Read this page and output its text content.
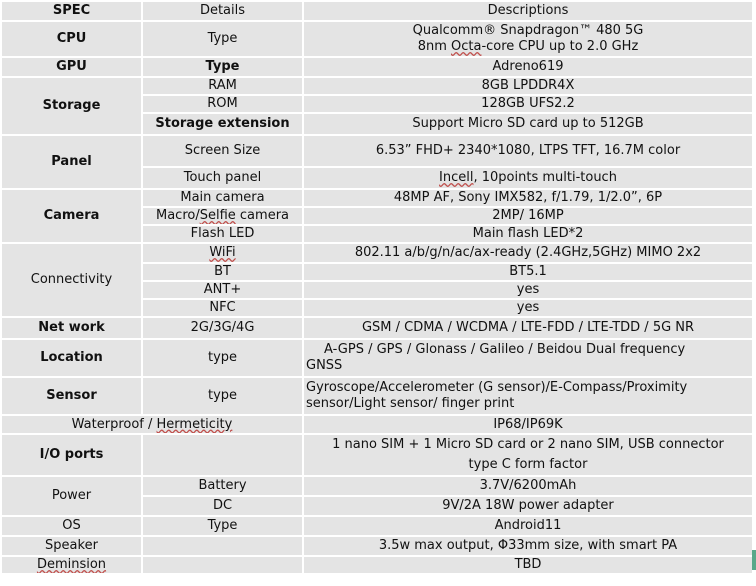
SPEC	Details	Descriptions
CPU	Type	Qualcomm® Snapdragon™ 480 5G
8nm Octa-core CPU up to 2.0 GHz

GPU	Type	Adreno619
Storage	RAM	8GB LPDDR4X
	ROM	128GB UFS2.2
	Storage extension	Support Micro SD card up to 512GB
Panel	Screen Size	6.53” FHD+ 2340*1080, LTPS TFT, 16.7M color
	Touch panel	Incell, 10points multi-touch
Camera	Main camera	48MP AF, Sony IMX582, f/1.79, 1/2.0”, 6P
	Macro/Selfie camera	2MP/ 16MP
	Flash LED	Main flash LED*2
Connectivity	WiFi	802.11 a/b/g/n/ac/ax-ready (2.4GHz,5GHz) MIMO 2x2
	BT	BT5.1
	ANT+	yes
	NFC	yes
Net work	2G/3G/4G	GSM / CDMA / WCDMA / LTE-FDD / LTE-TDD / 5G NR
Location	type	A-GPS / GPS / Glonass / Galileo / Beidou Dual frequency
GNSS

Sensor	type	Gyroscope/Accelerometer (G sensor)/E-Compass/Proximity
sensor/Light sensor/ finger print

Waterproof / Hermeticity		IP68/IP69K
I/O ports		1 nano SIM + 1 Micro SD card or 2 nano SIM, USB connector
type C form factor

Power	Battery	3.7V/6200mAh
	DC	9V/2A 18W power adapter
OS	Type	Android11
Speaker		3.5w max output, Φ33mm size, with smart PA
Deminsion		TBD
